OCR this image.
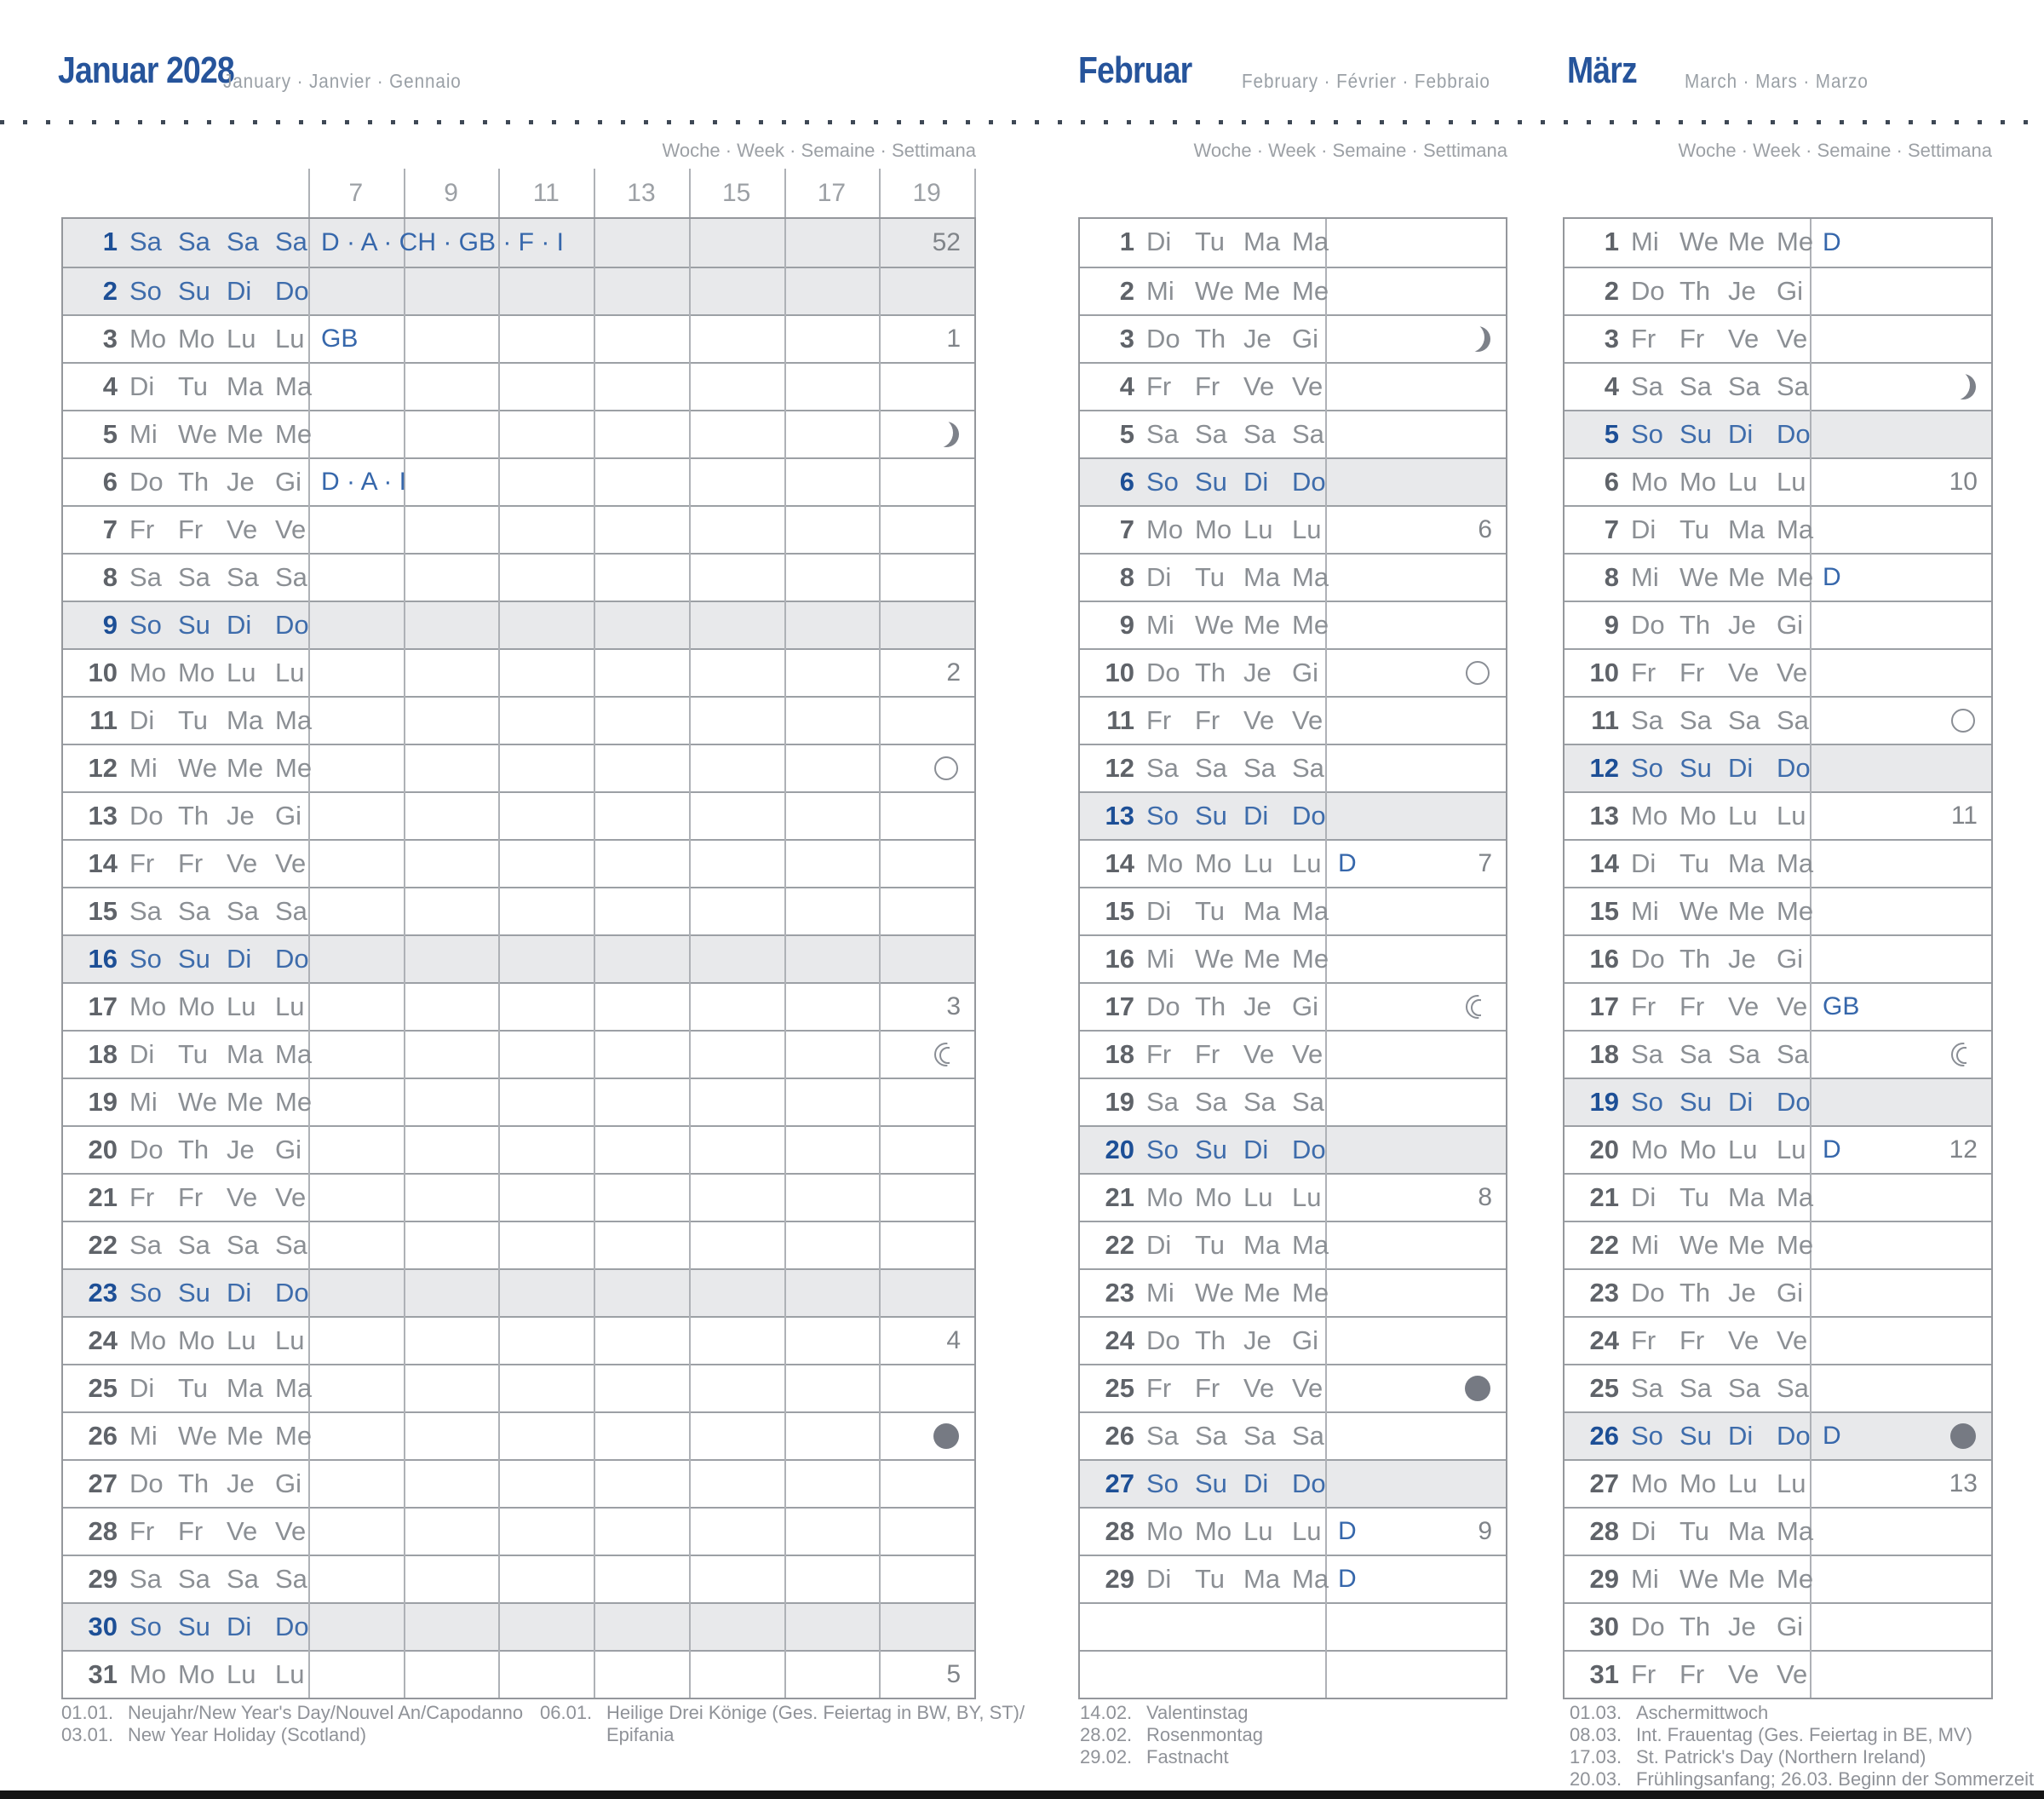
Januar 2028
January · Janvier · Gennaio	Februar	February · Février · Febbraio März March · Mars · Marzo
Woche · Week · Semaine · Settimana	Woche · Week · Semaine · Settimana	Woche · Week · Semaine · Settimana
7	9	11	13	15	17	19
1 Sa Sa Sa Sa D · A · CH · GB · F · I	52
2 So Su Di Do
3 Mo Mo Lu Lu GB	1
4 Di Tu Ma Ma
5 Mi We Me Me
6 Do Th Je Gi D · A · I
7 Fr Fr Ve Ve
8 Sa Sa Sa Sa
9 So Su Di Do
10 Mo Mo Lu Lu	2
11 Di Tu Ma Ma
12 Mi We Me Me
13 Do Th Je Gi
14 Fr Fr Ve Ve
15 Sa Sa Sa Sa
16 So Su Di Do
17 Mo Mo Lu Lu	3
18 Di Tu Ma Ma
19 Mi We Me Me
20 Do Th Je Gi
21 Fr Fr Ve Ve
22 Sa Sa Sa Sa
23 So Su Di Do
24 Mo Mo Lu Lu	4
25 Di Tu Ma Ma
26 Mi We Me Me
27 Do Th Je Gi
28 Fr Fr Ve Ve
29 Sa Sa Sa Sa
30 So Su Di Do
31 Mo Mo Lu Lu	5
1 Di Tu Ma Ma
2 Mi We Me Me
3 Do Th Je Gi
4 Fr Fr Ve Ve
5 Sa Sa Sa Sa
6 So Su Di Do
7 Mo Mo Lu Lu	6
8 Di Tu Ma Ma
9 Mi We Me Me
10 Do Th Je Gi
11 Fr Fr Ve Ve
12 Sa Sa Sa Sa
13 So Su Di Do
14 Mo Mo Lu Lu D	7
15 Di Tu Ma Ma
16 Mi We Me Me
17 Do Th Je Gi
18 Fr Fr Ve Ve
19 Sa Sa Sa Sa
20 So Su Di Do
21 Mo Mo Lu Lu	8
22 Di Tu Ma Ma
23 Mi We Me Me
24 Do Th Je Gi
25 Fr Fr Ve Ve
26 Sa Sa Sa Sa
27 So Su Di Do
28 Mo Mo Lu Lu D	9
29 Di Tu Ma Ma D
1 Mi We Me Me D
2 Do Th Je Gi
3 Fr Fr Ve Ve
4 Sa Sa Sa Sa
5 So Su Di Do
6 Mo Mo Lu Lu	10
7 Di Tu Ma Ma
8 Mi We Me Me D
9 Do Th Je Gi
10 Fr Fr Ve Ve
11 Sa Sa Sa Sa
12 So Su Di Do
13 Mo Mo Lu Lu	11
14 Di Tu Ma Ma
15 Mi We Me Me
16 Do Th Je Gi
17 Fr Fr Ve Ve GB
18 Sa Sa Sa Sa
19 So Su Di Do
20 Mo Mo Lu Lu D	12
21 Di Tu Ma Ma
22 Mi We Me Me
23 Do Th Je Gi
24 Fr Fr Ve Ve
25 Sa Sa Sa Sa
26 So Su Di Do D
27 Mo Mo Lu Lu	13
28 Di Tu Ma Ma
29 Mi We Me Me
30 Do Th Je Gi
31 Fr Fr Ve Ve
01.01. Neujahr/New Year's Day/Nouvel An/Capodanno
03.01. New Year Holiday (Scotland)
06.01. Heilige Drei Könige (Ges. Feiertag in BW, BY, ST)/
Epifania
14.02. Valentinstag
28.02. Rosenmontag
29.02. Fastnacht
01.03. Aschermittwoch
08.03. Int. Frauentag (Ges. Feiertag in BE, MV)
17.03. St. Patrick's Day (Northern Ireland)
20.03. Frühlingsanfang; 26.03. Beginn der Sommerzeit
